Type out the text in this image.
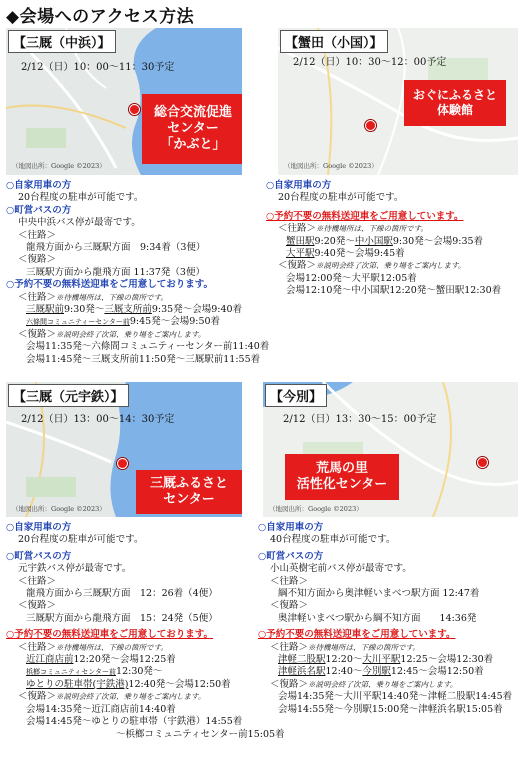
◆会場へのアクセス方法
【三厩（中浜）】
2/12（日）10：00～11：30予定
総合交流促進
センター
「かぶと」
（地図出所：Google ©2023）
【蟹田（小国）】
2/12（日）10：30～12：00予定
おぐにふるさと
体験館
（地図出所：Google ©2023）
○自家用車の方
20台程度の駐車が可能です。
○町営バスの方
中央中浜バス停が最寄です。
＜往路＞
龍飛方面から三厩駅方面　9:34着（3便）
＜復路＞
三厩駅方面から龍飛方面 11:37発（3便）
○予約不要の無料送迎車をご用意しております。
＜往路＞※待機場所は、下線の箇所です。
三厩駅前9:30発～三厩支所前9:35発～会場9:40着
六條間コミュニティーセンター前9:45発～会場9:50着
＜復路＞※説明会終了次第、乗り場をご案内します。
会場11:35発～六條間コミュニティーセンター前11:40着
会場11:45発～三厩支所前11:50発～三厩駅前11:55着
○自家用車の方
20台程度の駐車が可能です。
○予約不要の無料送迎車をご用意しています。
＜往路＞※待機場所は、下線の箇所です。
蟹田駅9:20発～中小国駅9:30発～会場9:35着
大平駅9:40発～会場9:45着
＜復路＞※説明会終了次第、乗り場をご案内します。
会場12:00発～大平駅12:05着
会場12:10発～中小国駅12:20発～蟹田駅12:30着
【三厩（元宇鉄）】
2/12（日）13：00～14：30予定
三厩ふるさと
センター
（地図出所：Google ©2023）
【今別】
2/12（日）13：30～15：00予定
荒馬の里
活性化センター
（地図出所：Google ©2023）
○自家用車の方
20台程度の駐車が可能です。
○町営バスの方
元宇鉄バス停が最寄です。
＜往路＞
龍飛方面から三厩駅方面　12：26着（4便）
＜復路＞
三厩駅方面から龍飛方面　15：24発（5便）
○予約不要の無料送迎車をご用意しております。
＜往路＞※待機場所は、下線の箇所です。
近江商店前12:20発～会場12:25着
梹榔コミュニティセンター前12:30発～
ゆとりの駐車帯(宇鉄港)12:40発～会場12:50着
＜復路＞※説明会終了次第、乗り場をご案内します。
会場14:35発～近江商店前14:40着
会場14:45発～ゆとりの駐車帯（宇鉄港）14:55着
～梹榔コミュニティセンター前15:05着
○自家用車の方
40台程度の駐車が可能です。
○町営バスの方
小山英樹宅前バス停が最寄です。
＜往路＞
綱不知方面から奥津軽いまべつ駅方面 12:47着
＜復路＞
奥津軽いまべつ駅から綱不知方面　　14:36発
○予約不要の無料送迎車をご用意しています。
＜往路＞※待機場所は、下線の箇所です。
津軽二股駅12:20～大川平駅12:25～会場12:30着
津軽浜名駅12:40～今別駅12:45～会場12:50着
＜復路＞※説明会終了次第、乗り場をご案内します。
会場14:35発～大川平駅14:40発～津軽二股駅14:45着
会場14:55発～今別駅15:00発～津軽浜名駅15:05着
